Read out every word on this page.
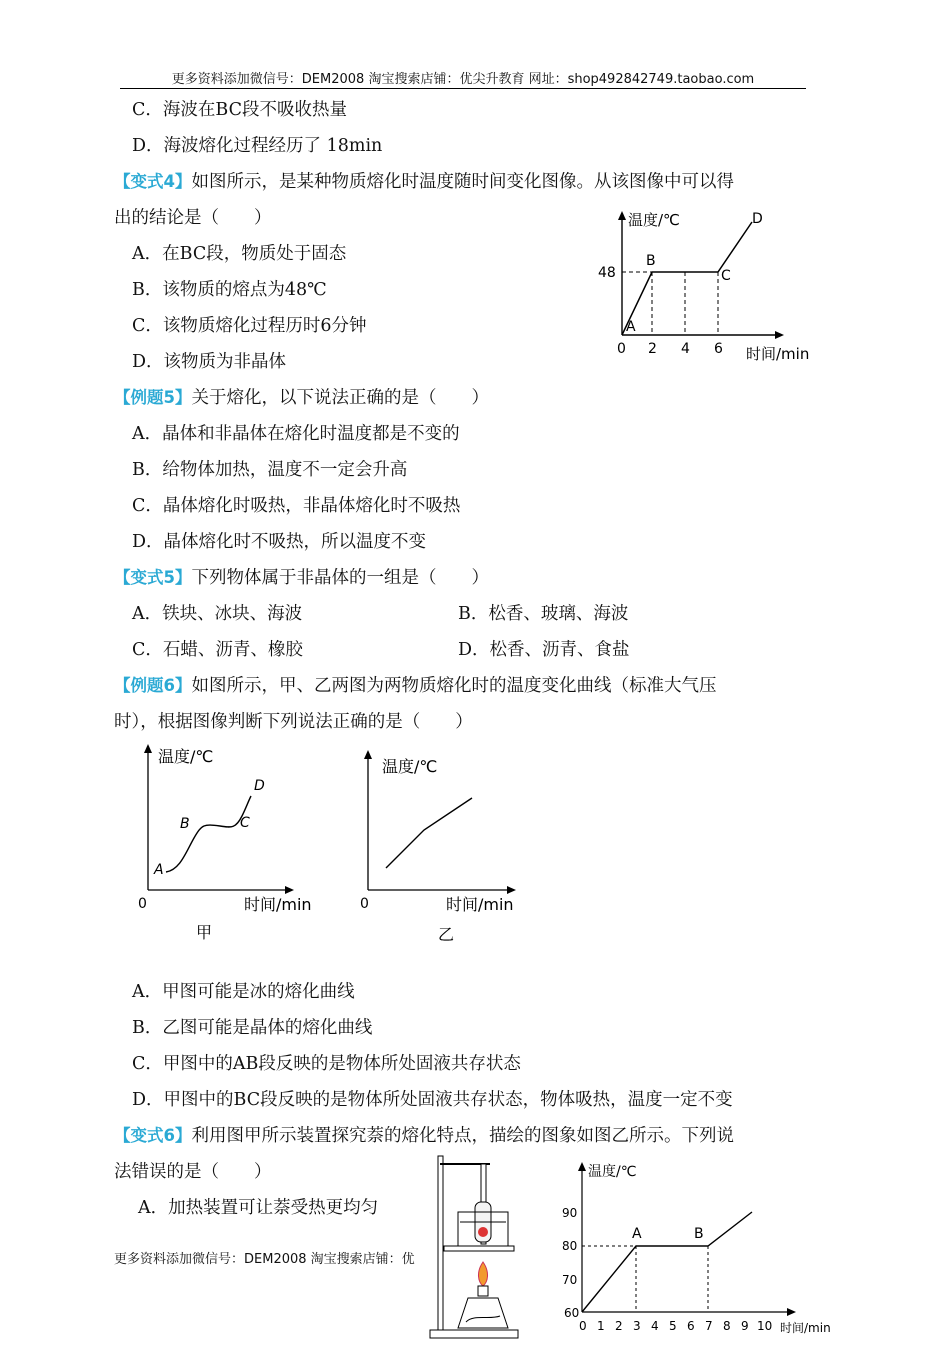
更多资料添加微信号：DEM2008 淘宝搜索店铺：优尖升教育 网址：shop492842749.taobao.com
C．海波在BC段不吸收热量
D．海波熔化过程经历了 18min
【变式4】如图所示，是某种物质熔化时温度随时间变化图像。从该图像中可以得
出的结论是（　　）
A．在BC段，物质处于固态
B．该物质的熔点为48℃
C．该物质熔化过程历时6分钟
D．该物质为非晶体
温度/℃
时间/min
48
0 2 4 6
A
B
C
D
【例题5】关于熔化，以下说法正确的是（　　）
A．晶体和非晶体在熔化时温度都是不变的
B．给物体加热，温度不一定会升高
C．晶体熔化时吸热，非晶体熔化时不吸热
D．晶体熔化时不吸热，所以温度不变
【变式5】下列物体属于非晶体的一组是（　　）
A．铁块、冰块、海波	B．松香、玻璃、海波
C．石蜡、沥青、橡胶	D．松香、沥青、食盐
【例题6】如图所示，甲、乙两图为两物质熔化时的温度变化曲线（标准大气压
时），根据图像判断下列说法正确的是（　　）
温度/℃
时间/min
0
A
B	C
D
甲
温度/℃
时间/min
0
乙
A．甲图可能是冰的熔化曲线
B．乙图可能是晶体的熔化曲线
C．甲图中的AB段反映的是物体所处固液共存状态
D．甲图中的BC段反映的是物体所处固液共存状态，物体吸热，温度一定不变
【变式6】利用图甲所示装置探究萘的熔化特点，描绘的图象如图乙所示。下列说
法错误的是（　　）
A．加热装置可让萘受热更均匀
更多资料添加微信号：DEM2008 淘宝搜索店铺：优
温度/℃
时间/min
90
80
70
60
0 1 2 3 4 5 6 7 8 9 10
A	B
